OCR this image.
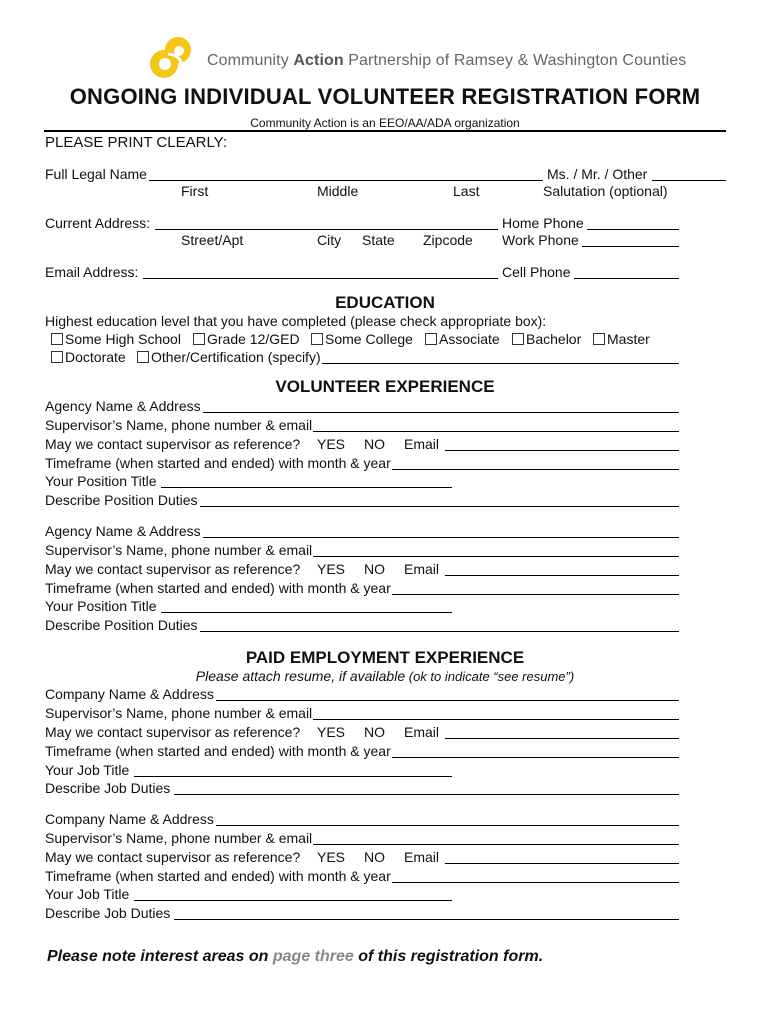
Community Action Partnership of Ramsey & Washington Counties
ONGOING INDIVIDUAL VOLUNTEER REGISTRATION FORM
Community Action is an EEO/AA/ADA organization
PLEASE PRINT CLEARLY:
Full Legal Name	Ms. / Mr. / Other
First	Middle	Last	Salutation (optional)
Current Address:	Home Phone
Street/Apt	City State Zipcode Work Phone
Email Address:	Cell Phone
EDUCATION
Highest education level that you have completed (please check appropriate box):
Some High School	Grade 12/GED	Some College	Associate	Bachelor	Master
Doctorate	Other/Certification (specify)
VOLUNTEER EXPERIENCE
Agency Name & Address
Supervisor’s Name, phone number & email
May we contact supervisor as reference? YES NO Email
Timeframe (when started and ended) with month & year
Your Position Title
Describe Position Duties
Agency Name & Address
Supervisor’s Name, phone number & email
May we contact supervisor as reference? YES NO Email
Timeframe (when started and ended) with month & year
Your Position Title
Describe Position Duties
PAID EMPLOYMENT EXPERIENCE
Please attach resume, if available (ok to indicate “see resume”)
Company Name & Address
Supervisor’s Name, phone number & email
May we contact supervisor as reference? YES NO Email
Timeframe (when started and ended) with month & year
Your Job Title
Describe Job Duties
Company Name & Address
Supervisor’s Name, phone number & email
May we contact supervisor as reference? YES NO Email
Timeframe (when started and ended) with month & year
Your Job Title
Describe Job Duties
Please note interest areas on page three of this registration form.
